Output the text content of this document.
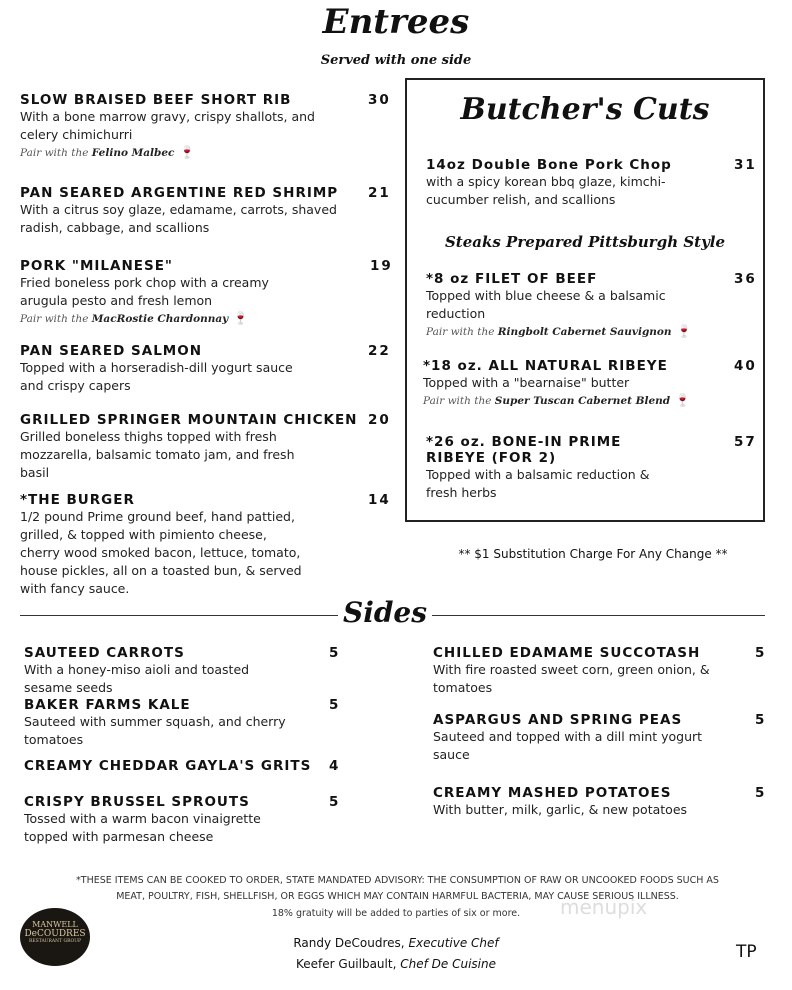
Entrees
Served with one side
SLOW BRAISED BEEF SHORT RIB	30
With a bone marrow gravy, crispy shallots, and celery chimichurri
Pair with the Felino Malbec 🍷
PAN SEARED ARGENTINE RED SHRIMP	21
With a citrus soy glaze, edamame, carrots, shaved radish, cabbage, and scallions
PORK "MILANESE"	19
Fried boneless pork chop with a creamy arugula pesto and fresh lemon
Pair with the MacRostie Chardonnay 🍷
PAN SEARED SALMON	22
Topped with a horseradish-dill yogurt sauce and crispy capers
GRILLED SPRINGER MOUNTAIN CHICKEN 20
Grilled boneless thighs topped with fresh mozzarella, balsamic tomato jam, and fresh basil
*THE BURGER	14
1/2 pound Prime ground beef, hand pattied, grilled, & topped with pimiento cheese, cherry wood smoked bacon, lettuce, tomato, house pickles, all on a toasted bun, & served with fancy sauce.
Butcher's Cuts
Steaks Prepared Pittsburgh Style
14oz Double Bone Pork Chop	31
with a spicy korean bbq glaze, kimchi-cucumber relish, and scallions
*8 oz FILET OF BEEF	36
Topped with blue cheese & a balsamic reduction
Pair with the Ringbolt Cabernet Sauvignon 🍷
*18 oz. ALL NATURAL RIBEYE	40
Topped with a "bearnaise" butter
Pair with the Super Tuscan Cabernet Blend 🍷
*26 oz. BONE-IN PRIME RIBEYE (FOR 2)
57
Topped with a balsamic reduction & fresh herbs
** $1 Substitution Charge For Any Change **
Sides
SAUTEED CARROTS	5
With a honey-miso aioli and toasted sesame seeds
BAKER FARMS KALE	5
Sauteed with summer squash, and cherry tomatoes
CREAMY CHEDDAR GAYLA'S GRITS	4
CRISPY BRUSSEL SPROUTS	5
Tossed with a warm bacon vinaigrette topped with parmesan cheese
CHILLED EDAMAME SUCCOTASH	5
With fire roasted sweet corn, green onion, & tomatoes
ASPARGUS AND SPRING PEAS	5
Sauteed and topped with a dill mint yogurt sauce
CREAMY MASHED POTATOES	5
With butter, milk, garlic, & new potatoes
*THESE ITEMS CAN BE COOKED TO ORDER, STATE MANDATED ADVISORY: THE CONSUMPTION OF RAW OR UNCOOKED FOODS SUCH AS MEAT, POULTRY, FISH, SHELLFISH, OR EGGS WHICH MAY CONTAIN HARMFUL BACTERIA, MAY CAUSE SERIOUS ILLNESS.
18% gratuity will be added to parties of six or more.	menupix
MANWELL
DeCOUDRES
RESTAURANT GROUP	Randy DeCoudres, Executive Chef
Keefer Guilbault, Chef De Cuisine
TP
